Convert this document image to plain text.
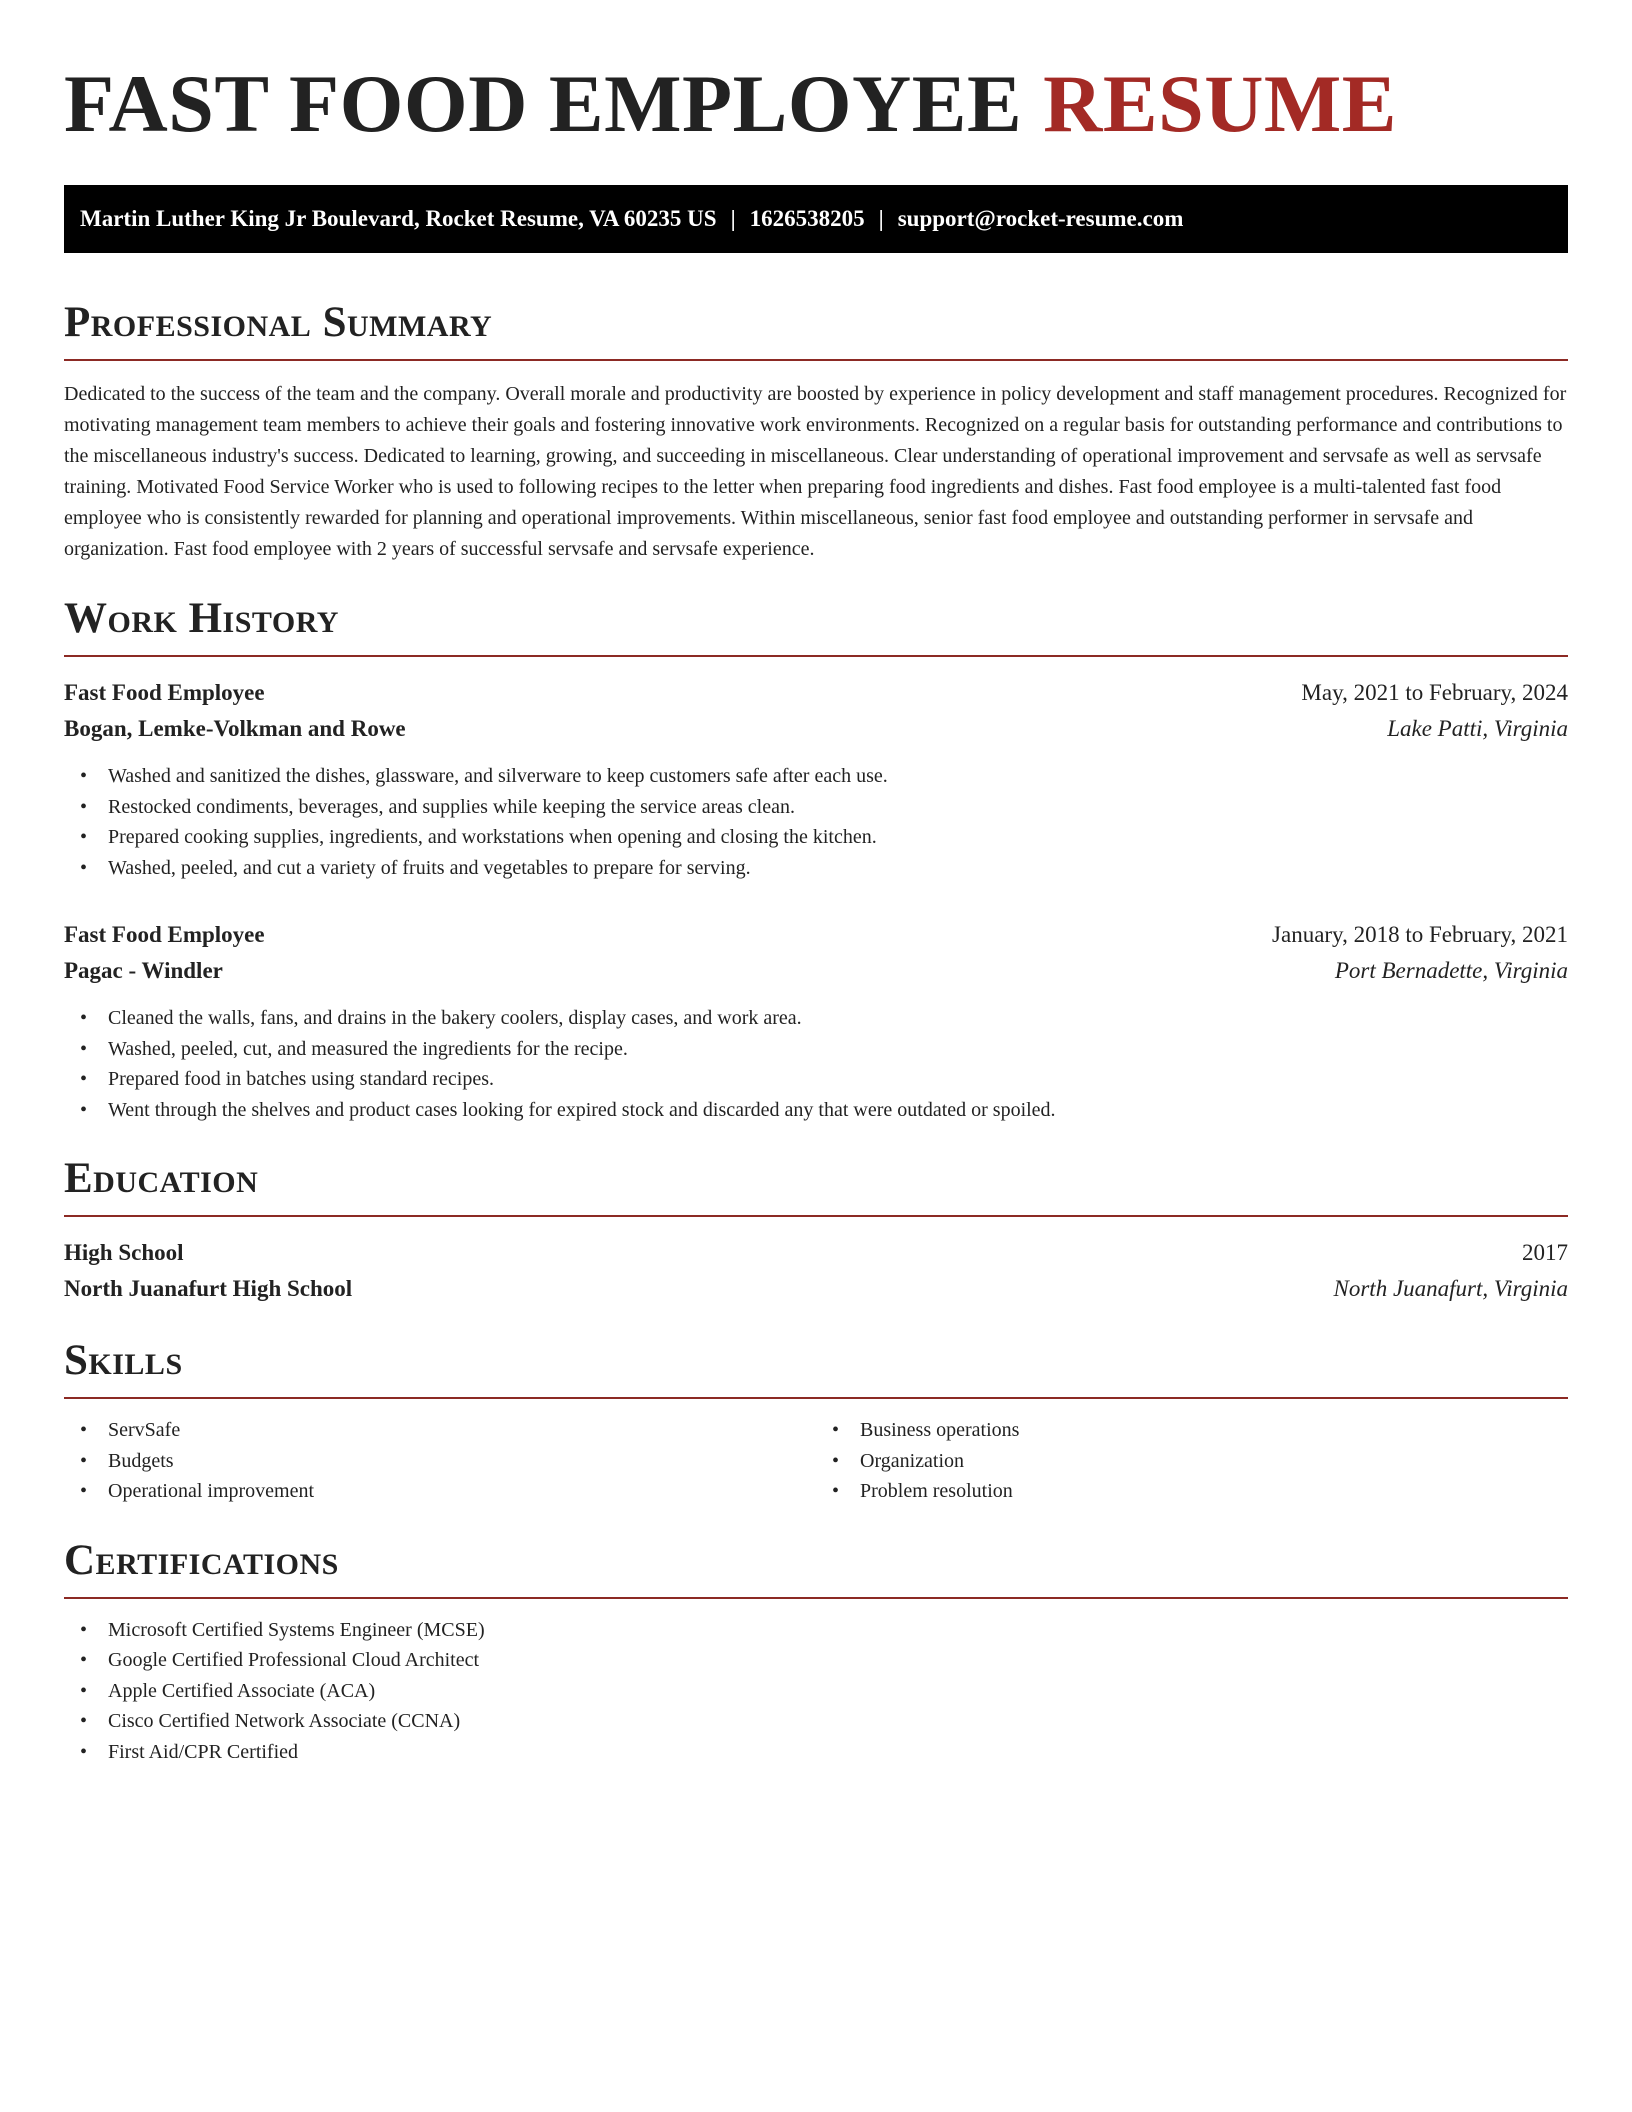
FAST FOOD EMPLOYEE RESUME
Martin Luther King Jr Boulevard, Rocket Resume, VA 60235 US | 1626538205 | support@rocket-resume.com
Professional Summary

Dedicated to the success of the team and the company. Overall morale and productivity are boosted by experience in policy development and staff management procedures. Recognized for motivating management team members to achieve their goals and fostering innovative work environments. Recognized on a regular basis for outstanding performance and contributions to the miscellaneous industry's success. Dedicated to learning, growing, and succeeding in miscellaneous. Clear understanding of operational improvement and servsafe as well as servsafe training. Motivated Food Service Worker who is used to following recipes to the letter when preparing food ingredients and dishes. Fast food employee is a multi-talented fast food employee who is consistently rewarded for planning and operational improvements. Within miscellaneous, senior fast food employee and outstanding performer in servsafe and organization. Fast food employee with 2 years of successful servsafe and servsafe experience.

Work History
Fast Food Employee	May, 2021 to February, 2024
Bogan, Lemke-Volkman and Rowe	Lake Patti, Virginia
• Washed and sanitized the dishes, glassware, and silverware to keep customers safe after each use.
• Restocked condiments, beverages, and supplies while keeping the service areas clean.
• Prepared cooking supplies, ingredients, and workstations when opening and closing the kitchen.
• Washed, peeled, and cut a variety of fruits and vegetables to prepare for serving.
Fast Food Employee	January, 2018 to February, 2021
Pagac - Windler	Port Bernadette, Virginia
• Cleaned the walls, fans, and drains in the bakery coolers, display cases, and work area.
• Washed, peeled, cut, and measured the ingredients for the recipe.
• Prepared food in batches using standard recipes.
• Went through the shelves and product cases looking for expired stock and discarded any that were outdated or spoiled.
Education
High School	2017
North Juanafurt High School	North Juanafurt, Virginia
Skills
• ServSafe
• Budgets
• Operational improvement
• Business operations
• Organization
• Problem resolution
Certifications
• Microsoft Certified Systems Engineer (MCSE)
• Google Certified Professional Cloud Architect
• Apple Certified Associate (ACA)
• Cisco Certified Network Associate (CCNA)
• First Aid/CPR Certified
